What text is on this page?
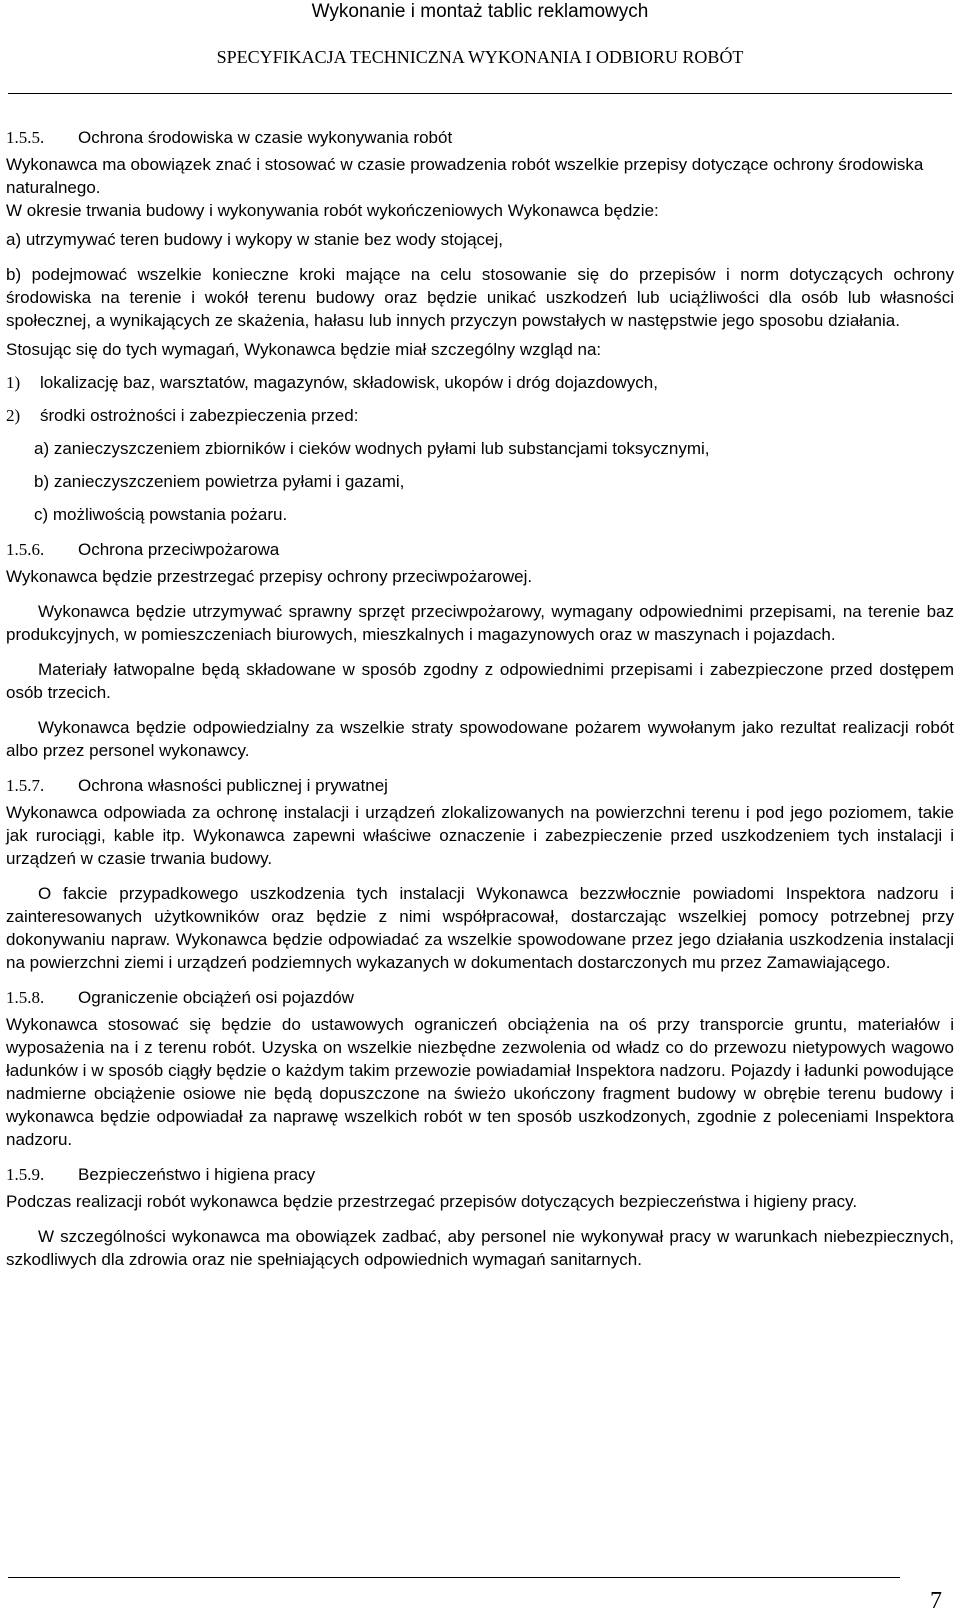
Wykonanie i montaż tablic reklamowych
SPECYFIKACJA TECHNICZNA WYKONANIA I ODBIORU ROBÓT

1.5.5. Ochrona środowiska w czasie wykonywania robót

Wykonawca ma obowiązek znać i stosować w czasie prowadzenia robót wszelkie przepisy dotyczące ochrony środowiska naturalnego.

W okresie trwania budowy i wykonywania robót wykończeniowych Wykonawca będzie:

a) utrzymywać teren budowy i wykopy w stanie bez wody stojącej,

b) podejmować wszelkie konieczne kroki mające na celu stosowanie się do przepisów i norm dotyczących ochrony środowiska na terenie i wokół terenu budowy oraz będzie unikać uszkodzeń lub uciążliwości dla osób lub własności społecznej, a wynikających ze skażenia, hałasu lub innych przyczyn powstałych w następstwie jego sposobu działania.

Stosując się do tych wymagań, Wykonawca będzie miał szczególny wzgląd na:

1) lokalizację baz, warsztatów, magazynów, składowisk, ukopów i dróg dojazdowych,

2) środki ostrożności i zabezpieczenia przed:

a) zanieczyszczeniem zbiorników i cieków wodnych pyłami lub substancjami toksycznymi,

b) zanieczyszczeniem powietrza pyłami i gazami,

c) możliwością powstania pożaru.

1.5.6. Ochrona przeciwpożarowa

Wykonawca będzie przestrzegać przepisy ochrony przeciwpożarowej.

Wykonawca będzie utrzymywać sprawny sprzęt przeciwpożarowy, wymagany odpowiednimi przepisami, na terenie baz produkcyjnych, w pomieszczeniach biurowych, mieszkalnych i magazynowych oraz w maszynach i pojazdach.

Materiały łatwopalne będą składowane w sposób zgodny z odpowiednimi przepisami i zabezpieczone przed dostępem osób trzecich.

Wykonawca będzie odpowiedzialny za wszelkie straty spowodowane pożarem wywołanym jako rezultat realizacji robót albo przez personel wykonawcy.

1.5.7. Ochrona własności publicznej i prywatnej

Wykonawca odpowiada za ochronę instalacji i urządzeń zlokalizowanych na powierzchni terenu i pod jego poziomem, takie jak rurociągi, kable itp. Wykonawca zapewni właściwe oznaczenie i zabezpieczenie przed uszkodzeniem tych instalacji i urządzeń w czasie trwania budowy.

O fakcie przypadkowego uszkodzenia tych instalacji Wykonawca bezzwłocznie powiadomi Inspektora nadzoru i zainteresowanych użytkowników oraz będzie z nimi współpracował, dostarczając wszelkiej pomocy potrzebnej przy dokonywaniu napraw. Wykonawca będzie odpowiadać za wszelkie spowodowane przez jego działania uszkodzenia instalacji na powierzchni ziemi i urządzeń podziemnych wykazanych w dokumentach dostarczonych mu przez Zamawiającego.

1.5.8. Ograniczenie obciążeń osi pojazdów

Wykonawca stosować się będzie do ustawowych ograniczeń obciążenia na oś przy transporcie gruntu, materiałów i wyposażenia na i z terenu robót. Uzyska on wszelkie niezbędne zezwolenia od władz co do przewozu nietypowych wagowo ładunków i w sposób ciągły będzie o każdym takim przewozie powiadamiał Inspektora nadzoru. Pojazdy i ładunki powodujące nadmierne obciążenie osiowe nie będą dopuszczone na świeżo ukończony fragment budowy w obrębie terenu budowy i wykonawca będzie odpowiadał za naprawę wszelkich robót w ten sposób uszkodzonych, zgodnie z poleceniami Inspektora nadzoru.

1.5.9. Bezpieczeństwo i higiena pracy

Podczas realizacji robót wykonawca będzie przestrzegać przepisów dotyczących bezpieczeństwa i higieny pracy.

W szczególności wykonawca ma obowiązek zadbać, aby personel nie wykonywał pracy w warunkach niebezpiecznych, szkodliwych dla zdrowia oraz nie spełniających odpowiednich wymagań sanitarnych.

7
